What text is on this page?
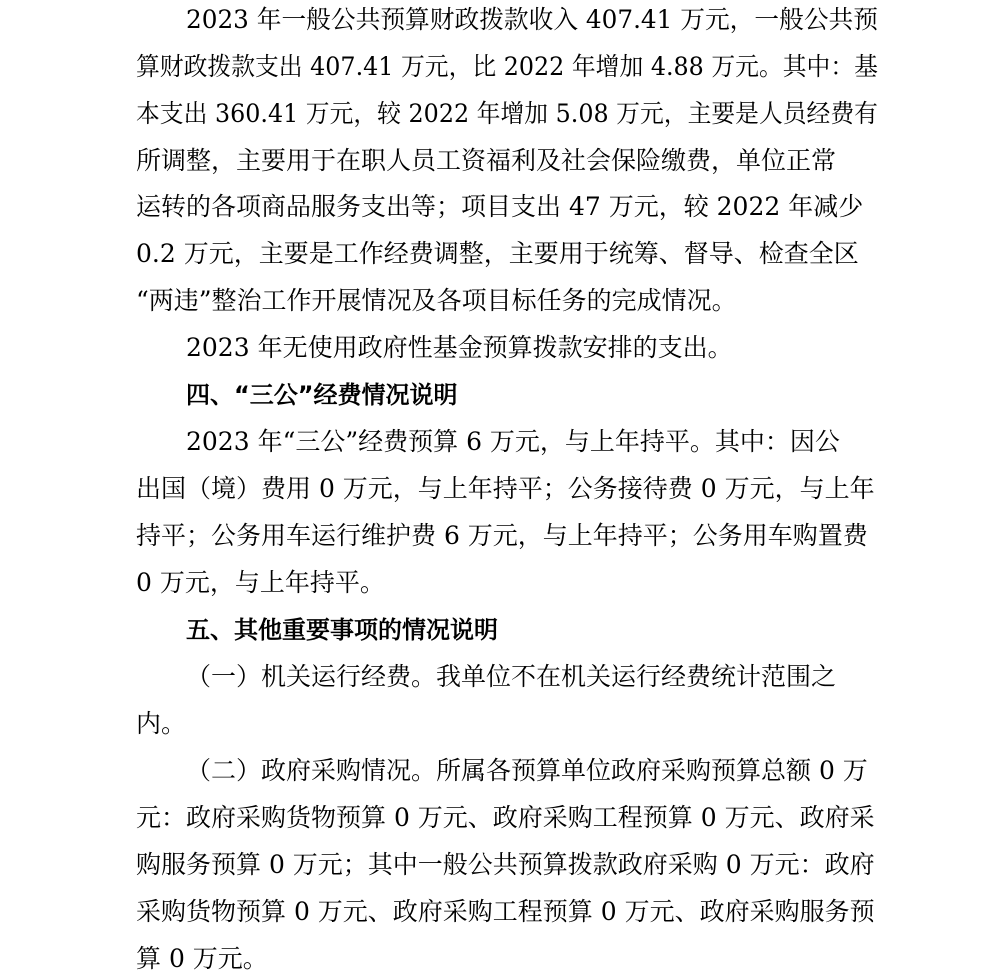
2023 年一般公共预算财政拨款收入 407.41 万元，一般公共预
算财政拨款支出 407.41 万元，比 2022 年增加 4.88 万元。其中：基
本支出 360.41 万元，较 2022 年增加 5.08 万元，主要是人员经费有
所调整，主要用于在职人员工资福利及社会保险缴费，单位正常
运转的各项商品服务支出等；项目支出 47 万元，较 2022 年减少
0.2 万元，主要是工作经费调整，主要用于统筹、督导、检查全区
“两违”整治工作开展情况及各项目标任务的完成情况。
2023 年无使用政府性基金预算拨款安排的支出。
四、“三公”经费情况说明
2023 年“三公”经费预算 6 万元，与上年持平。其中：因公
出国（境）费用 0 万元，与上年持平；公务接待费 0 万元，与上年
持平；公务用车运行维护费 6 万元，与上年持平；公务用车购置费
0 万元，与上年持平。
五、其他重要事项的情况说明
（一）机关运行经费。我单位不在机关运行经费统计范围之
内。
（二）政府采购情况。所属各预算单位政府采购预算总额 0 万
元：政府采购货物预算 0 万元、政府采购工程预算 0 万元、政府采
购服务预算 0 万元；其中一般公共预算拨款政府采购 0 万元：政府
采购货物预算 0 万元、政府采购工程预算 0 万元、政府采购服务预
算 0 万元。
